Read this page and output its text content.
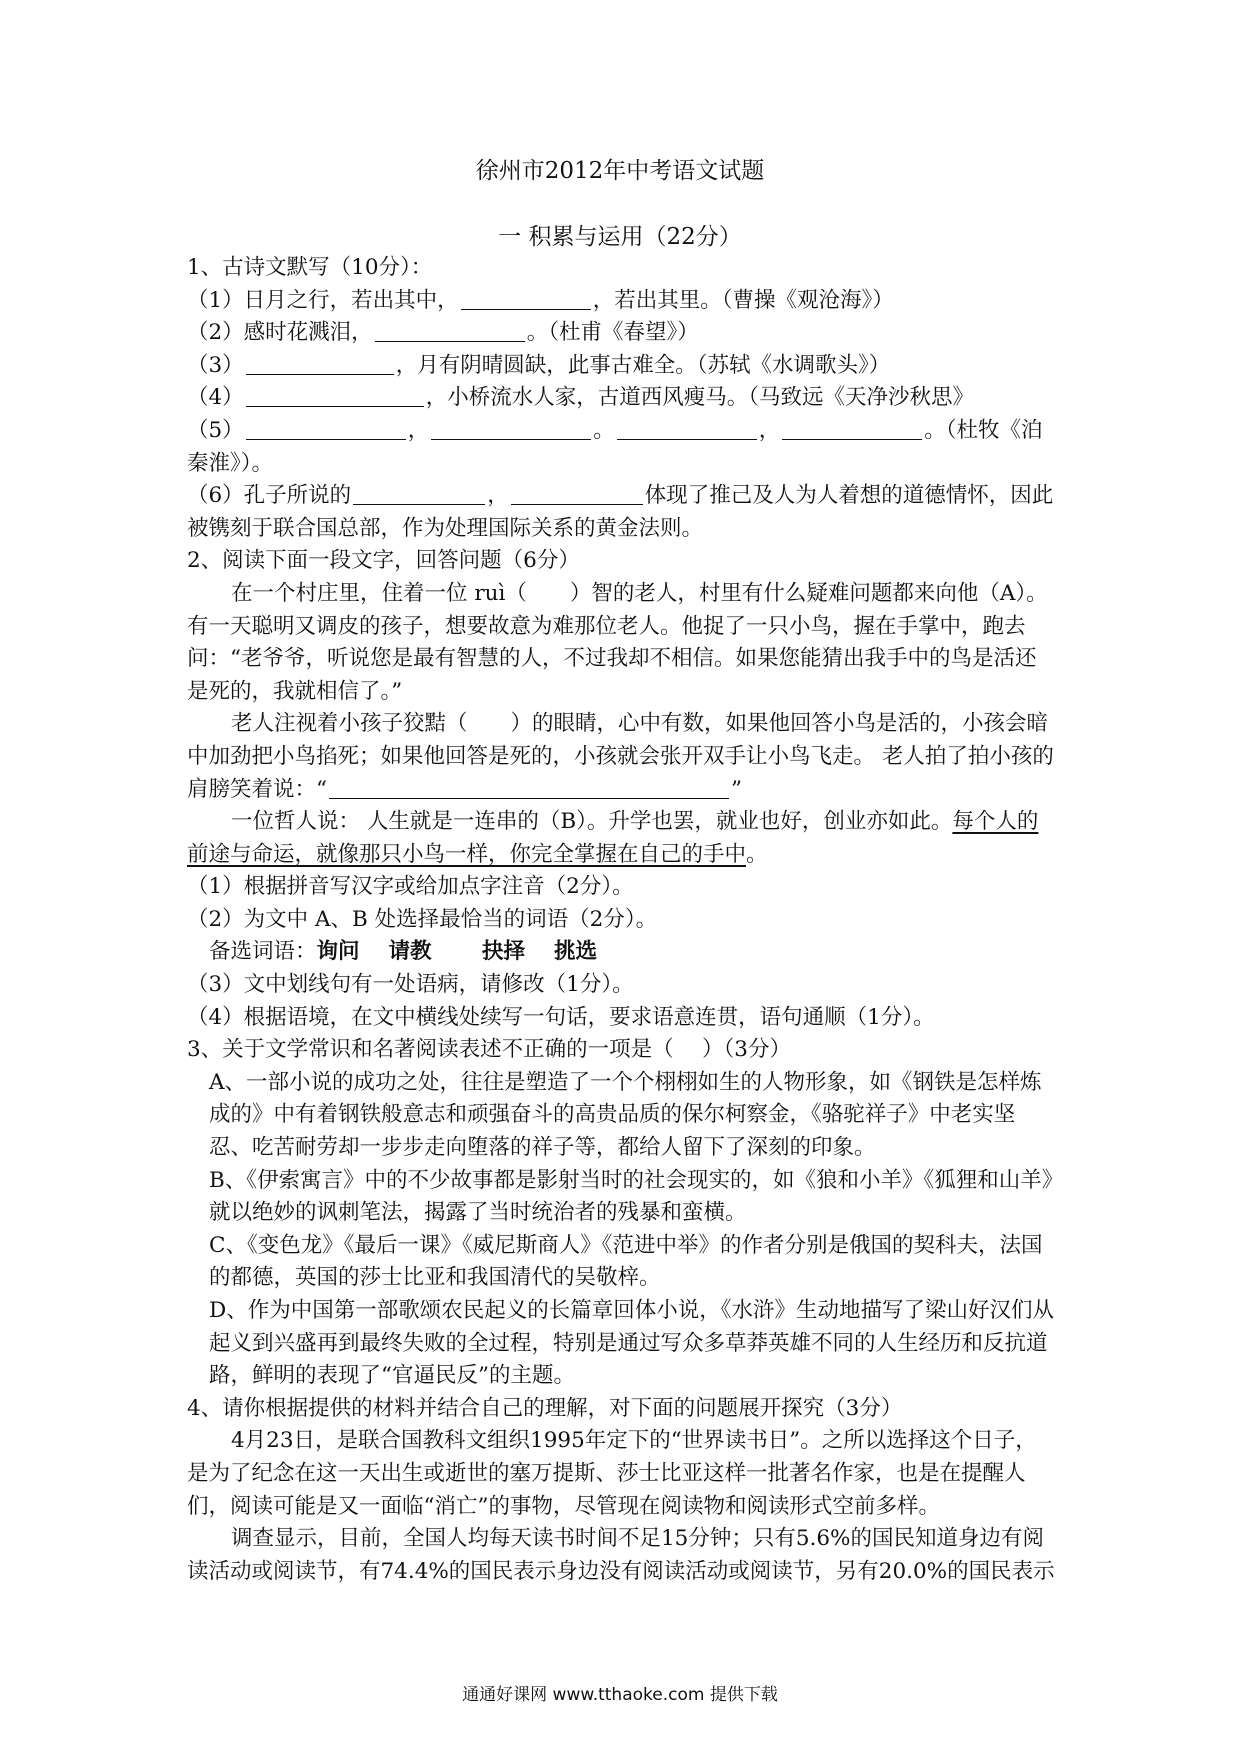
徐州市2012年中考语文试题
一 积累与运用（22分）

1、古诗文默写（10分）：

（1）日月之行，若出其中，	，若出其里。（曹操《观沧海》）

（2）感时花溅泪，	。（杜甫《春望》）

（3）	，月有阴晴圆缺，此事古难全。（苏轼《水调歌头》）

（4）	，小桥流水人家，古道西风瘦马。（马致远《天净沙秋思》

（5）	，	。	，	。（杜牧《泊秦淮》）。

（6）孔子所说的	，	体现了推己及人为人着想的道德情怀，因此被镌刻于联合国总部，作为处理国际关系的黄金法则。

2、阅读下面一段文字，回答问题（6分）

在一个村庄里，住着一位 ruì（　　）智的老人，村里有什么疑难问题都来向他（A）。有一天聪明又调皮的孩子，想要故意为难那位老人。他捉了一只小鸟，握在手掌中，跑去问：“老爷爷，听说您是最有智慧的人，不过我却不相信。如果您能猜出我手中的鸟是活还是死的，我就相信了。”

老人注视着小孩子狡黠（　　）的眼睛，心中有数，如果他回答小鸟是活的，小孩会暗中加劲把小鸟掐死；如果他回答是死的，小孩就会张开双手让小鸟飞走。 老人拍了拍小孩的肩膀笑着说：“	”

一位哲人说： 人生就是一连串的（B）。升学也罢，就业也好，创业亦如此。每个人的前途与命运，就像那只小鸟一样，你完全掌握在自己的手中。

（1）根据拼音写汉字或给加点字注音（2分）。

（2）为文中 A、B 处选择最恰当的词语（2分）。

备选词语：询问　 请教　　 抉择　 挑选

（3）文中划线句有一处语病，请修改（1分）。

（4）根据语境，在文中横线处续写一句话，要求语意连贯，语句通顺（1分）。

3、关于文学常识和名著阅读表述不正确的一项是（　 ）（3分）

A、一部小说的成功之处，往往是塑造了一个个栩栩如生的人物形象，如《钢铁是怎样炼成的》中有着钢铁般意志和顽强奋斗的高贵品质的保尔柯察金，《骆驼祥子》中老实坚忍、吃苦耐劳却一步步走向堕落的祥子等，都给人留下了深刻的印象。

B、《伊索寓言》中的不少故事都是影射当时的社会现实的，如《狼和小羊》《狐狸和山羊》就以绝妙的讽刺笔法，揭露了当时统治者的残暴和蛮横。

C、《变色龙》《最后一课》《威尼斯商人》《范进中举》的作者分别是俄国的契科夫，法国的都德，英国的莎士比亚和我国清代的吴敬梓。

D、作为中国第一部歌颂农民起义的长篇章回体小说，《水浒》生动地描写了梁山好汉们从起义到兴盛再到最终失败的全过程，特别是通过写众多草莽英雄不同的人生经历和反抗道路，鲜明的表现了“官逼民反”的主题。

4、请你根据提供的材料并结合自己的理解，对下面的问题展开探究（3分）

4月23日，是联合国教科文组织1995年定下的“世界读书日”。之所以选择这个日子，是为了纪念在这一天出生或逝世的塞万提斯、莎士比亚这样一批著名作家，也是在提醒人们，阅读可能是又一面临“消亡”的事物，尽管现在阅读物和阅读形式空前多样。

调查显示，目前，全国人均每天读书时间不足15分钟；只有5.6%的国民知道身边有阅读活动或阅读节，有74.4%的国民表示身边没有阅读活动或阅读节，另有20.0%的国民表示

通通好课网 www.tthaoke.com 提供下载
